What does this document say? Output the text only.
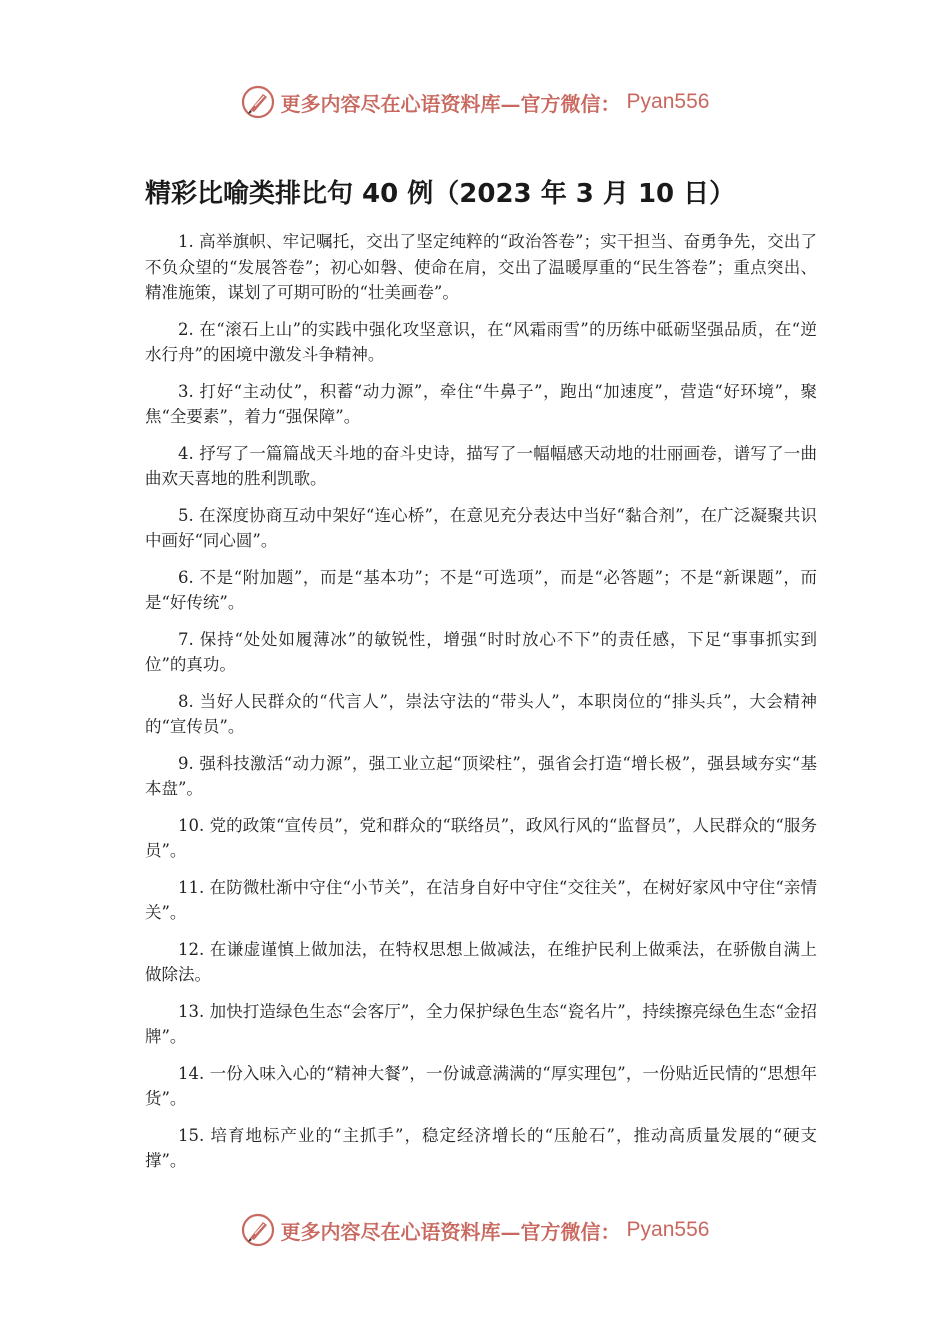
更多内容尽在心语资料库—官方微信： Pyan556
精彩比喻类排比句 40 例（2023 年 3 月 10 日）

1. 高举旗帜、牢记嘱托，交出了坚定纯粹的“政治答卷”；实干担当、奋勇争先，交出了不负众望的“发展答卷”；初心如磐、使命在肩，交出了温暖厚重的“民生答卷”；重点突出、精准施策，谋划了可期可盼的“壮美画卷”。

2. 在“滚石上山”的实践中强化攻坚意识，在“风霜雨雪”的历练中砥砺坚强品质，在“逆水行舟”的困境中激发斗争精神。

3. 打好“主动仗”，积蓄“动力源”，牵住“牛鼻子”，跑出“加速度”，营造“好环境”，聚焦“全要素”，着力“强保障”。

4. 抒写了一篇篇战天斗地的奋斗史诗，描写了一幅幅感天动地的壮丽画卷，谱写了一曲曲欢天喜地的胜利凯歌。

5. 在深度协商互动中架好“连心桥”，在意见充分表达中当好“黏合剂”，在广泛凝聚共识中画好“同心圆”。

6. 不是“附加题”，而是“基本功”；不是“可选项”，而是“必答题”；不是“新课题”，而是“好传统”。

7. 保持“处处如履薄冰”的敏锐性，增强“时时放心不下”的责任感，下足“事事抓实到位”的真功。

8. 当好人民群众的“代言人”，崇法守法的“带头人”，本职岗位的“排头兵”，大会精神的“宣传员”。

9. 强科技激活“动力源”，强工业立起“顶梁柱”，强省会打造“增长极”，强县域夯实“基本盘”。

10. 党的政策“宣传员”，党和群众的“联络员”，政风行风的“监督员”，人民群众的“服务员”。

11. 在防微杜渐中守住“小节关”，在洁身自好中守住“交往关”，在树好家风中守住“亲情关”。

12. 在谦虚谨慎上做加法，在特权思想上做减法，在维护民利上做乘法，在骄傲自满上做除法。

13. 加快打造绿色生态“会客厅”，全力保护绿色生态“瓷名片”，持续擦亮绿色生态“金招牌”。

14. 一份入味入心的“精神大餐”，一份诚意满满的“厚实理包”，一份贴近民情的“思想年货”。

15. 培育地标产业的“主抓手”，稳定经济增长的“压舱石”，推动高质量发展的“硬支撑”。

更多内容尽在心语资料库—官方微信： Pyan556
